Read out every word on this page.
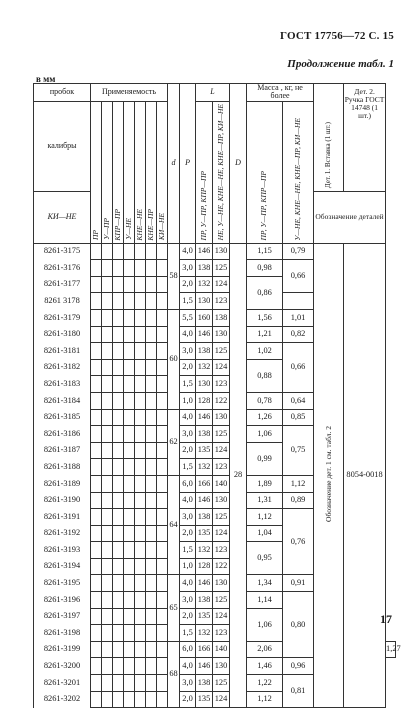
ГОСТ 17756—72 С. 15
Продолжение табл. 1
в мм
пробок	Применяемость							d	P	L		D	Масса , кг, не более		Дет. 1. Вставка (1 шт.)	Дет. 2. Ручка ГОСТ 14748 (1 шт.)	
калибры	ПР	У—ПР	КПР—ПР	У—НЕ	КНЕ—НЕ	КНЕ—ПР	КИ—НЕ			ПР, У—ПР, КПР—ПР	НЕ, У—НЕ, КНЕ—НЕ, КНЕ—ПР, КИ—НЕ		ПР, У—ПР, КПР—ПР	У—НЕ, КНЕ—НЕ, КНЕ—ПР, КИ—НЕ			
КИ—НЕ															Обозначение деталей		
8261-3175								58	4,0	146	130	28	1,15	0,79	Обозначение дет. 1 см. табл. 2	8054-0018	
8261-3176									3,0	138	125		0,98	0,66			
8261-3177									2,0	132	124		0,86				
8261 3178									1,5	130	123						
8261-3179								60	5,5	160	138		1,56	1,01			
8261-3180									4,0	146	130		1,21	0,82			
8261-3181									3,0	138	125		1,02	0,66			
8261-3182									2,0	132	124		0,88				
8261-3183									1,5	130	123						
8261-3184									1,0	128	122		0,78	0,64			
8261-3185								62	4,0	146	130		1,26	0,85			
8261-3186									3,0	138	125		1,06	0,75			
8261-3187									2,0	135	124		0,99				
8261-3188									1,5	132	123						
8261-3189								64	6,0	166	140		1,89	1,12			
8261-3190									4,0	146	130		1,31	0,89			
8261-3191									3,0	138	125		1,12	0,76			
8261-3192									2,0	135	124		1,04				
8261-3193									1,5	132	123		0,95				
8261-3194									1,0	128	122						
8261-3195								65	4,0	146	130		1,34	0,91			
8261-3196									3,0	138	125		1,14	0,80			
8261-3197									2,0	135	124		1,06				
8261-3198									1,5	132	123						
8261-3199								68	6,0	166	140		2,06				1,27
8261-3200									4,0	146	130		1,46	0,96			
8261-3201									3,0	138	125		1,22	0,81			
8261-3202									2,0	135	124		1,12				
17
